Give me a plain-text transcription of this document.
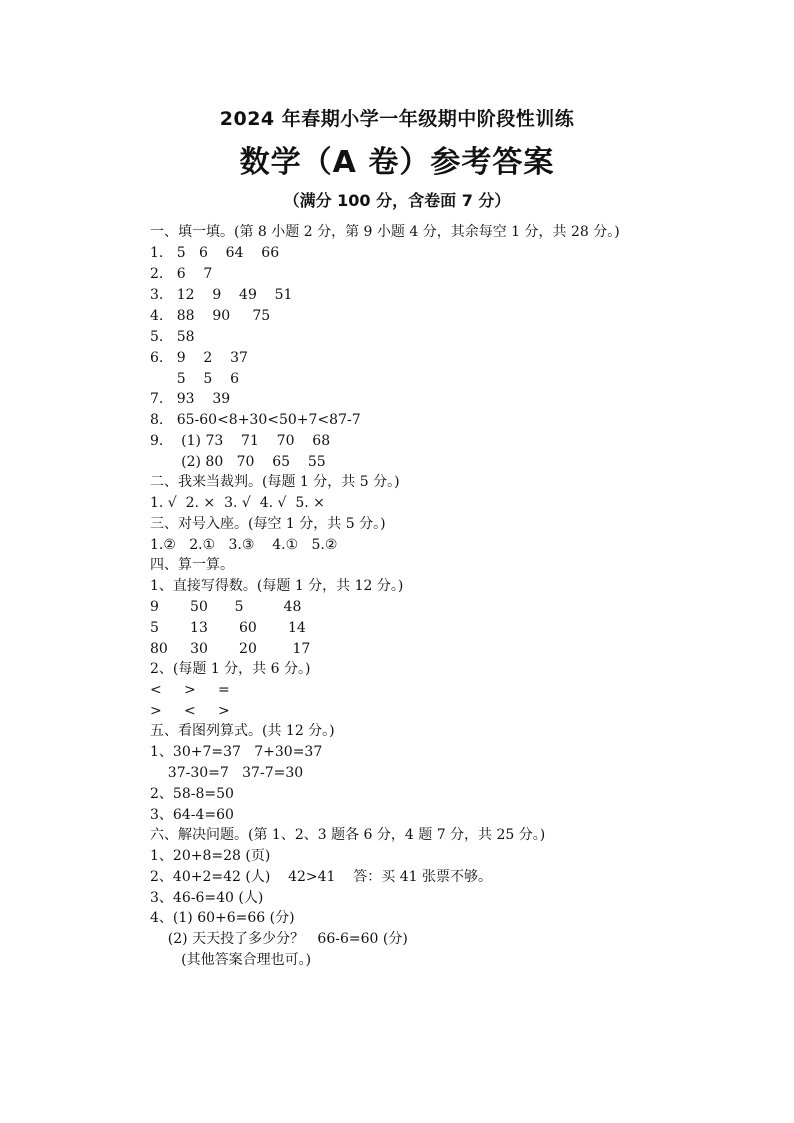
2024 年春期小学一年级期中阶段性训练
数学（A 卷）参考答案
（满分 100 分，含卷面 7 分）
一、填一填。(第 8 小题 2 分，第 9 小题 4 分，其余每空 1 分，共 28 分。)
1.   5   6    64    66
2.   6    7
3.   12    9    49    51
4.   88    90     75
5.   58
6.   9    2    37
5    5    6
7.   93    39
8.   65-60<8+30<50+7<87-7
9.    (1) 73    71    70    68
(2) 80   70    65    55
二、我来当裁判。(每题 1 分，共 5 分。)
1. √  2. ×  3. √  4. √  5. ×
三、对号入座。(每空 1 分，共 5 分。)
1.②   2.①   3.③    4.①   5.②
四、算一算。
1、直接写得数。(每题 1 分，共 12 分。)
9       50      5         48
5       13       60       14
80     30       20        17
2、(每题 1 分，共 6 分。)
<     >     =
>     <     >
五、看图列算式。(共 12 分。)
1、30+7=37   7+30=37
37-30=7   37-7=30
2、58-8=50
3、64-4=60
六、解决问题。(第 1、2、3 题各 6 分，4 题 7 分，共 25 分。)
1、20+8=28 (页)
2、40+2=42 (人)    42>41    答：买 41 张票不够。
3、46-6=40 (人)
4、(1) 60+6=66 (分)
(2) 天天投了多少分？   66-6=60 (分)
(其他答案合理也可。)
